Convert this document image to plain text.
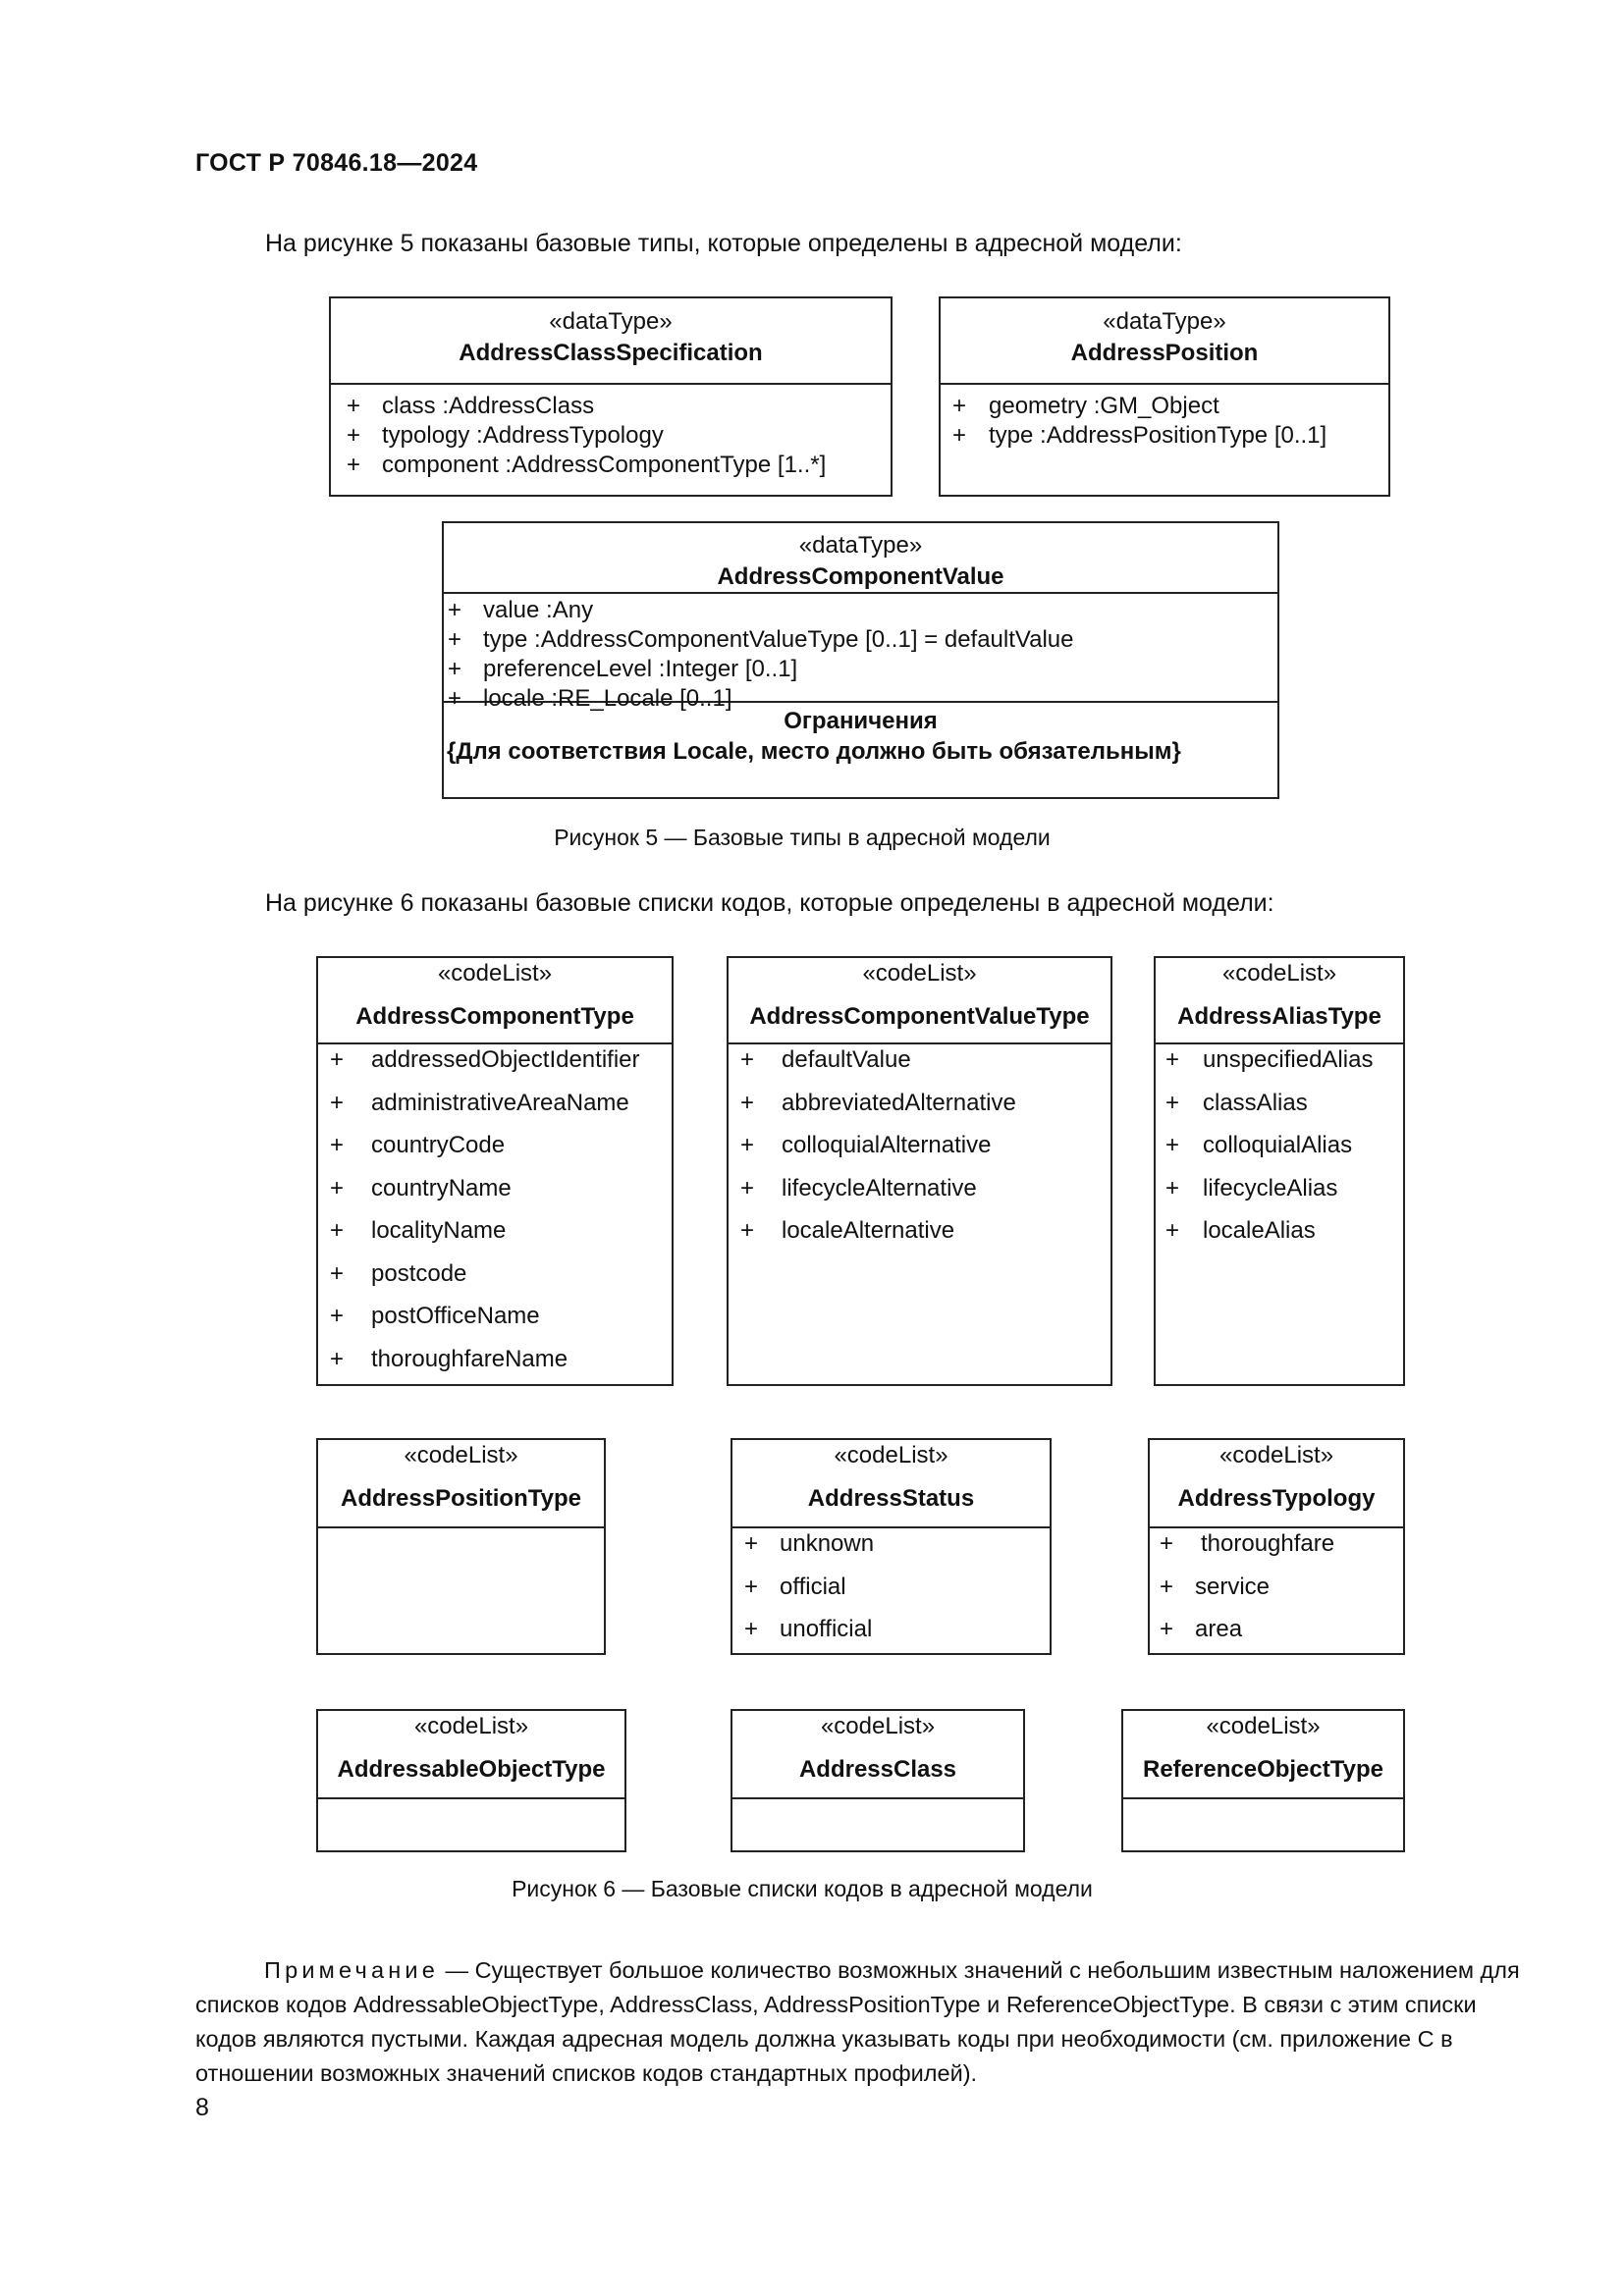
ГОСТ Р 70846.18—2024
На рисунке 5 показаны базовые типы, которые определены в адресной модели:
«dataType»
AddressClassSpecification
+ class :AddressClass
+ typology :AddressTypology
+ component :AddressComponentType [1..*]
«dataType»
AddressPosition
+ geometry :GM_Object
+ type :AddressPositionType [0..1]
«dataType»
AddressComponentValue
+ value :Any
+ type :AddressComponentValueType [0..1] = defaultValue
+ preferenceLevel :Integer [0..1]
+ locale :RE_Locale [0..1]
Ограничения
{Для соответствия Locale, место должно быть обязательным}
Рисунок 5 — Базовые типы в адресной модели
На рисунке 6 показаны базовые списки кодов, которые определены в адресной модели:
«codeList»
AddressComponentType
+	addressedObjectIdentifier
+	administrativeAreaName
+	countryCode
+	countryName
+	localityName
+	postcode
+	postOfficeName
+	thoroughfareName
«codeList»
AddressComponentValueType
+	defaultValue
+	abbreviatedAlternative
+	colloquialAlternative
+	lifecycleAlternative
+	localeAlternative
«codeList»
AddressAliasType
+ unspecifiedAlias
+ classAlias
+ colloquialAlias
+ lifecycleAlias
+ localeAlias
«codeList»
AddressPositionType
«codeList»
AddressStatus
+ unknown
+ official
+ unofficial
«codeList»
AddressTypology
+	thoroughfare
+ service
+ area
«codeList»
AddressableObjectType
«codeList»
AddressClass
«codeList»
ReferenceObjectType
Рисунок 6 — Базовые списки кодов в адресной модели
Примечание — Существует большое количество возможных значений с небольшим известным наложением для списков кодов AddressableObjectType, AddressClass, AddressPositionType и ReferenceObjectType. В связи с этим списки кодов являются пустыми. Каждая адресная модель должна указывать коды при необходимости (см. приложение С в отношении возможных значений списков кодов стандартных профилей).
8
